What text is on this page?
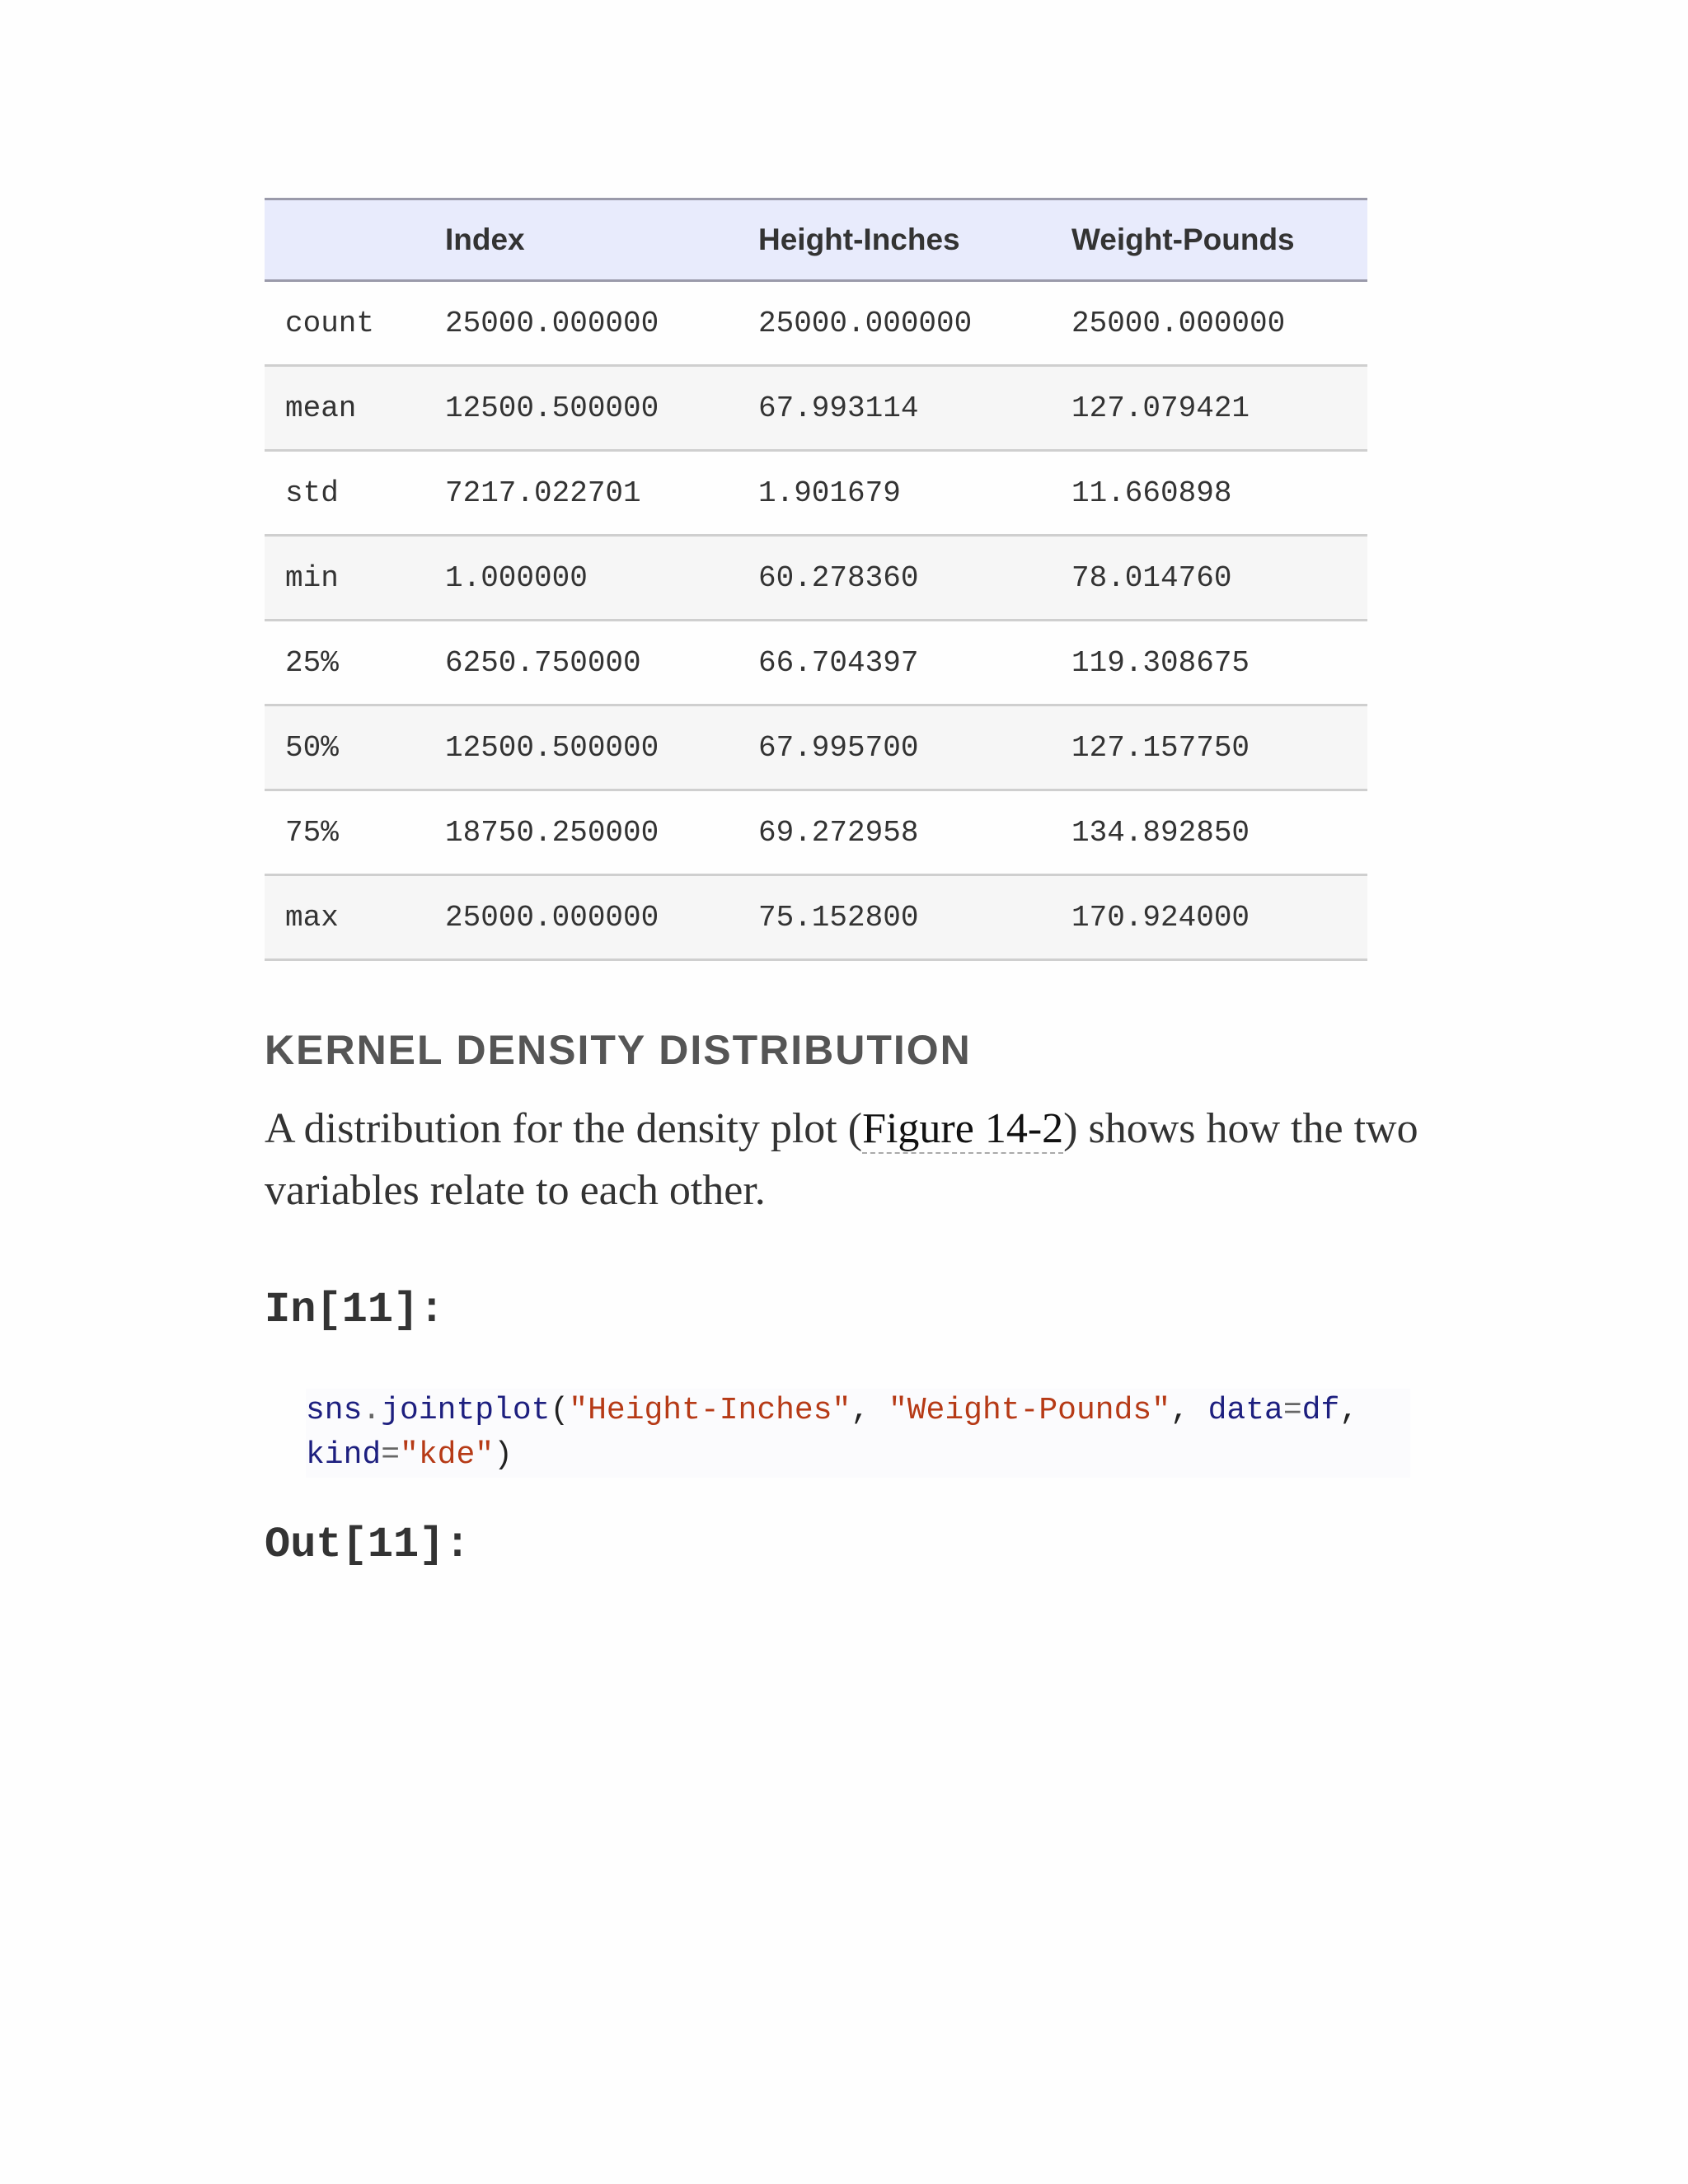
	Index	Height-Inches	Weight-Pounds
count	25000.000000	25000.000000	25000.000000
mean	12500.500000	67.993114	127.079421
std	7217.022701	1.901679	11.660898
min	1.000000	60.278360	78.014760
25%	6250.750000	66.704397	119.308675
50%	12500.500000	67.995700	127.157750
75%	18750.250000	69.272958	134.892850
max	25000.000000	75.152800	170.924000
KERNEL DENSITY DISTRIBUTION

A distribution for the density plot (Figure 14-2) shows how the two variables relate to each other.

In[11]:
sns.jointplot("Height-Inches", "Weight-Pounds", data=df,
kind="kde")
Out[11]:
